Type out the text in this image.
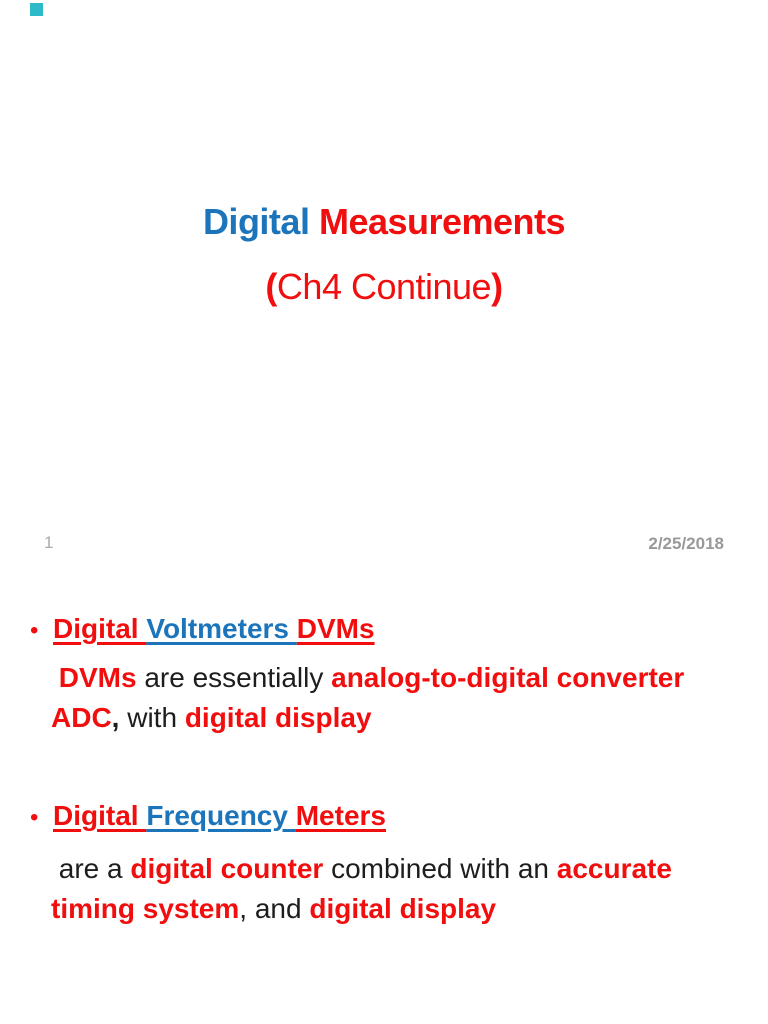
Digital Measurements
(Ch4 Continue)
1	2/25/2018
• Digital Voltmeters DVMs
DVMs are essentially analog-to-digital converter
ADC, with digital display
• Digital Frequency Meters
are a digital counter combined with an accurate
timing system, and digital display
